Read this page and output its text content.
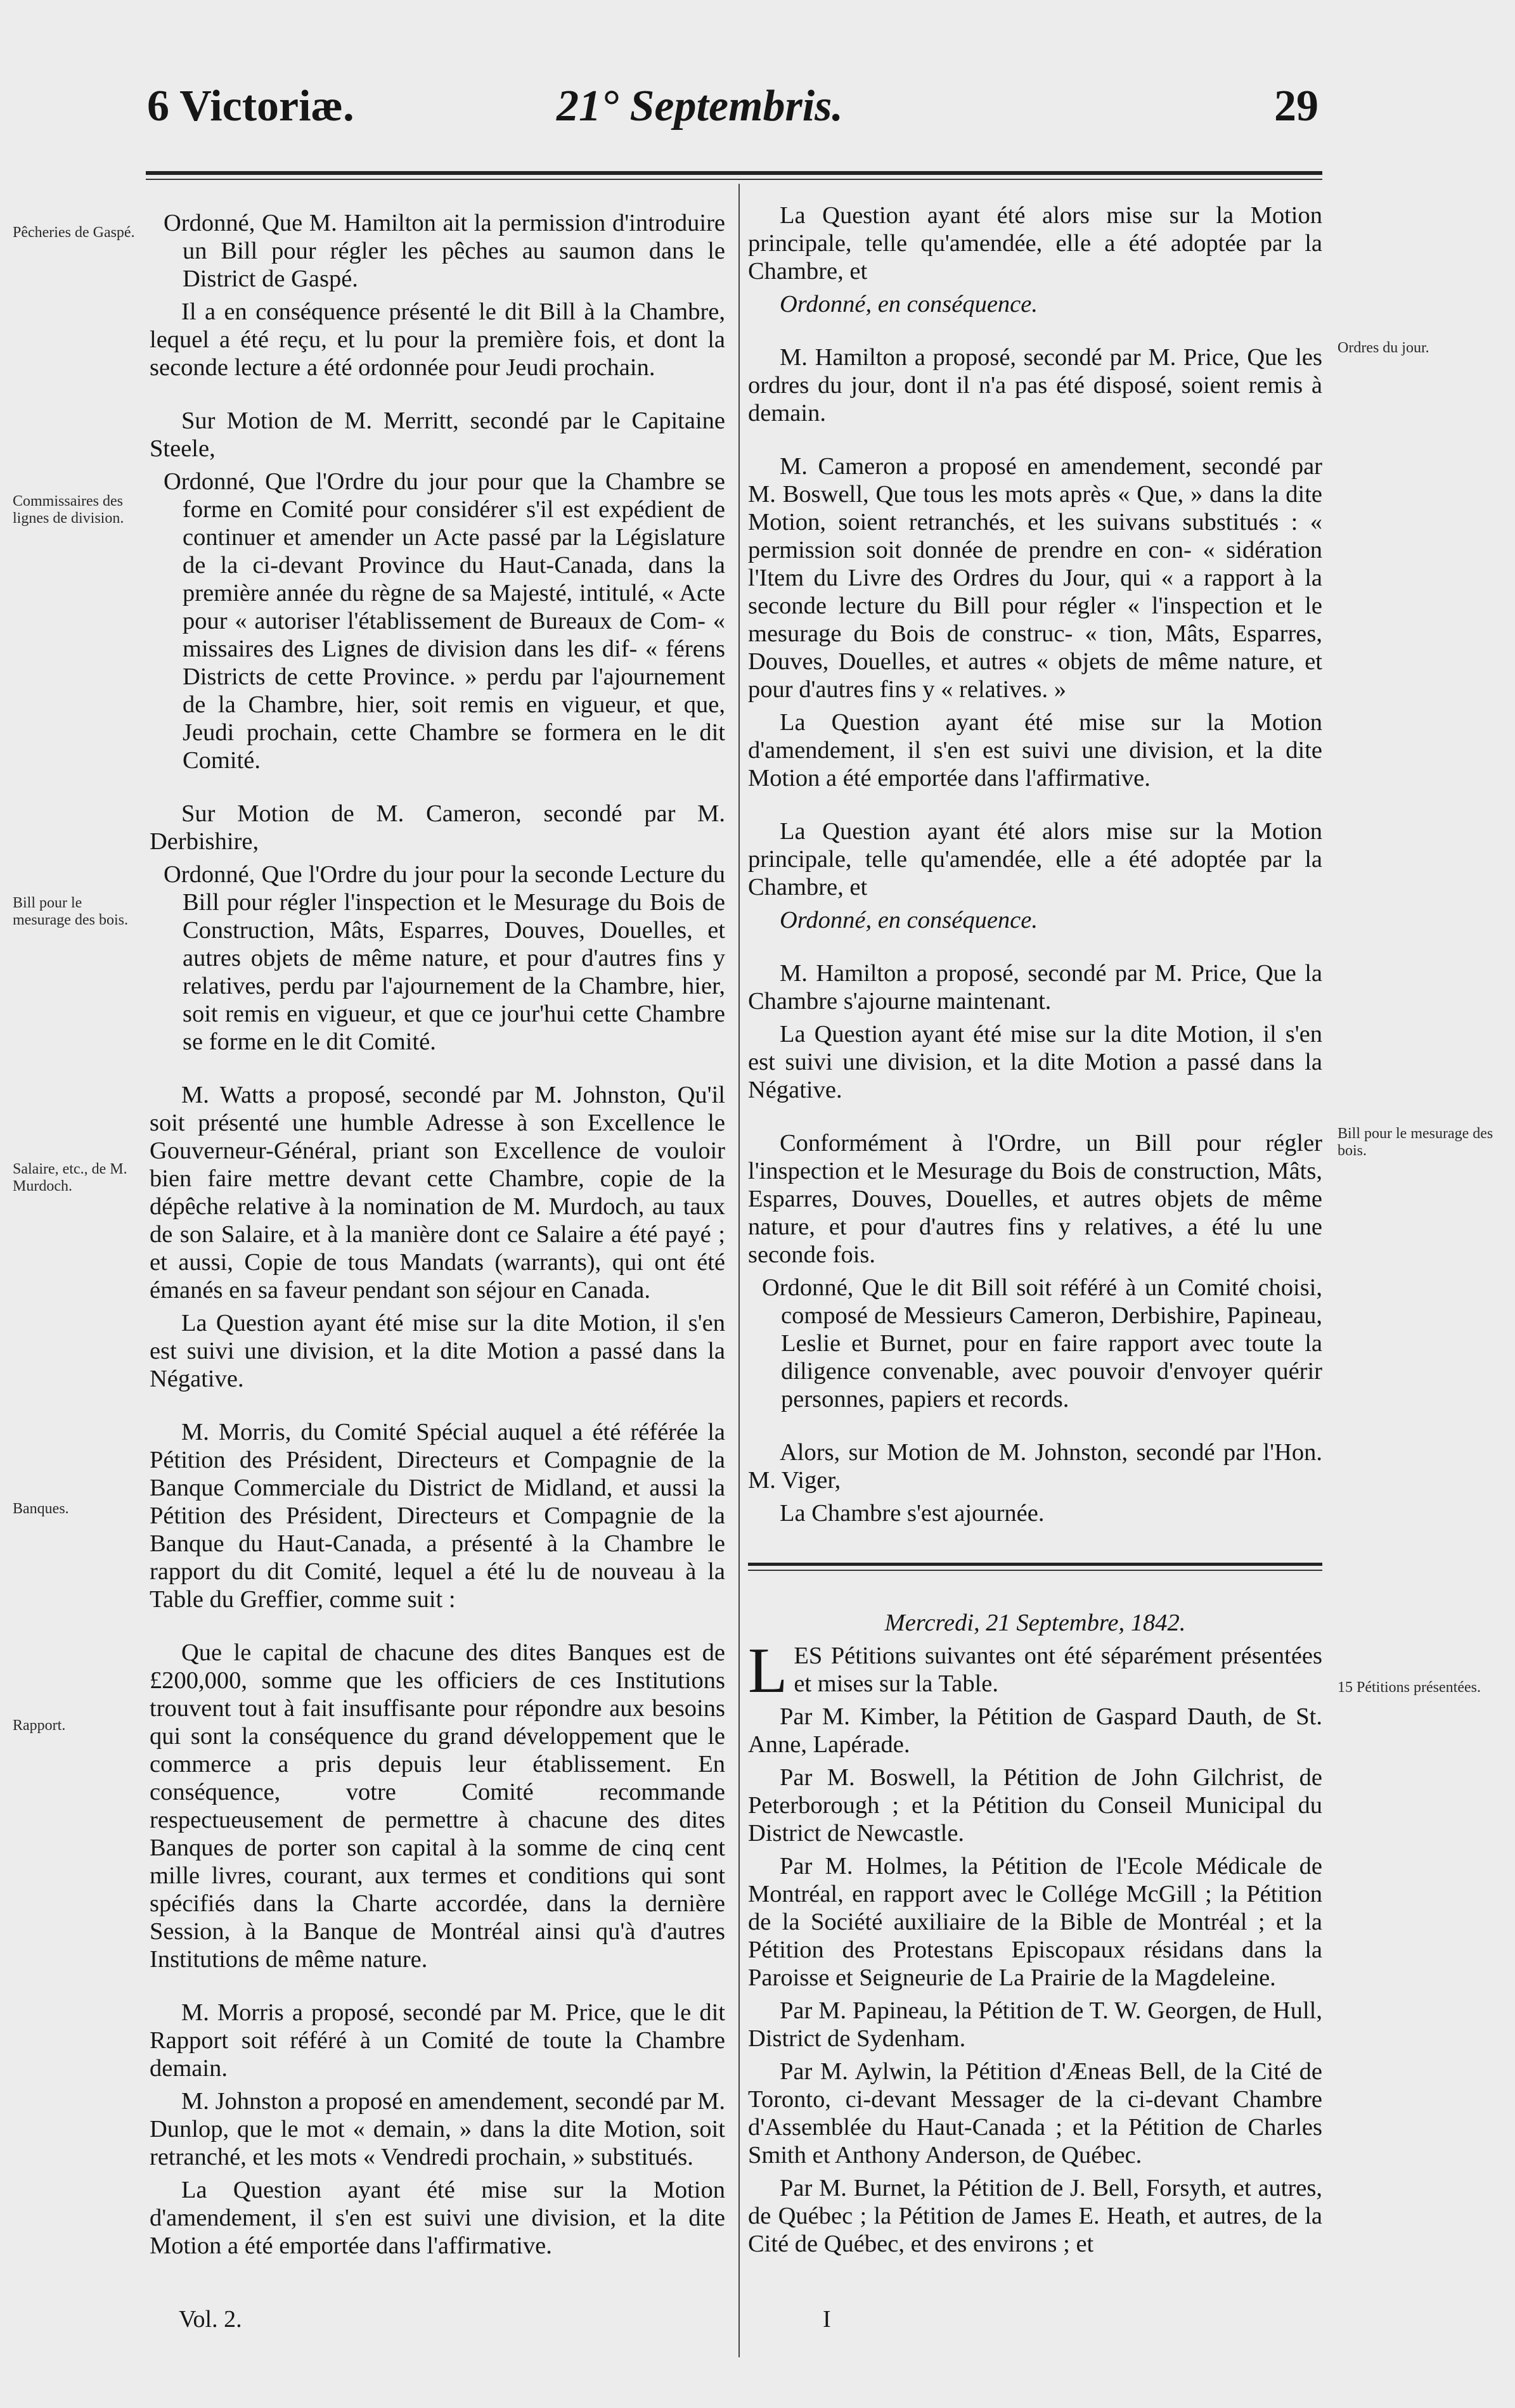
6 Victoriæ.	21° Septembris.	29
Pêcheries de Gaspé.
Commissaires des lignes de division.
Bill pour le mesurage des bois.
Salaire, etc., de M. Murdoch.
Banques.
Rapport.
Ordres du jour.
Bill pour le mesurage des bois.
15 Pétitions présentées.

Ordonné, Que M. Hamilton ait la permission d'introduire un Bill pour régler les pêches au saumon dans le District de Gaspé.

Il a en conséquence présenté le dit Bill à la Chambre, lequel a été reçu, et lu pour la première fois, et dont la seconde lecture a été ordonnée pour Jeudi prochain.

Sur Motion de M. Merritt, secondé par le Capitaine Steele,

Ordonné, Que l'Ordre du jour pour que la Chambre se forme en Comité pour considérer s'il est expédient de continuer et amender un Acte passé par la Législature de la ci-devant Province du Haut-Canada, dans la première année du règne de sa Majesté, intitulé, « Acte pour « autoriser l'établissement de Bureaux de Com- « missaires des Lignes de division dans les dif- « férens Districts de cette Province. » perdu par l'ajournement de la Chambre, hier, soit remis en vigueur, et que, Jeudi prochain, cette Chambre se formera en le dit Comité.

Sur Motion de M. Cameron, secondé par M. Derbishire,

Ordonné, Que l'Ordre du jour pour la seconde Lecture du Bill pour régler l'inspection et le Mesurage du Bois de Construction, Mâts, Esparres, Douves, Douelles, et autres objets de même nature, et pour d'autres fins y relatives, perdu par l'ajournement de la Chambre, hier, soit remis en vigueur, et que ce jour'hui cette Chambre se forme en le dit Comité.

M. Watts a proposé, secondé par M. Johnston, Qu'il soit présenté une humble Adresse à son Excellence le Gouverneur-Général, priant son Excellence de vouloir bien faire mettre devant cette Chambre, copie de la dépêche relative à la nomination de M. Murdoch, au taux de son Salaire, et à la manière dont ce Salaire a été payé ; et aussi, Copie de tous Mandats (warrants), qui ont été émanés en sa faveur pendant son séjour en Canada.

La Question ayant été mise sur la dite Motion, il s'en est suivi une division, et la dite Motion a passé dans la Négative.

M. Morris, du Comité Spécial auquel a été référée la Pétition des Président, Directeurs et Compagnie de la Banque Commerciale du District de Midland, et aussi la Pétition des Président, Directeurs et Compagnie de la Banque du Haut-Canada, a présenté à la Chambre le rapport du dit Comité, lequel a été lu de nouveau à la Table du Greffier, comme suit :

Que le capital de chacune des dites Banques est de £200,000, somme que les officiers de ces Institutions trouvent tout à fait insuffisante pour répondre aux besoins qui sont la conséquence du grand développement que le commerce a pris depuis leur établissement. En conséquence, votre Comité recommande respectueusement de permettre à chacune des dites Banques de porter son capital à la somme de cinq cent mille livres, courant, aux termes et conditions qui sont spécifiés dans la Charte accordée, dans la dernière Session, à la Banque de Montréal ainsi qu'à d'autres Institutions de même nature.

M. Morris a proposé, secondé par M. Price, que le dit Rapport soit référé à un Comité de toute la Chambre demain.

M. Johnston a proposé en amendement, secondé par M. Dunlop, que le mot « demain, » dans la dite Motion, soit retranché, et les mots « Vendredi prochain, » substitués.

La Question ayant été mise sur la Motion d'amendement, il s'en est suivi une division, et la dite Motion a été emportée dans l'affirmative.

La Question ayant été alors mise sur la Motion principale, telle qu'amendée, elle a été adoptée par la Chambre, et

Ordonné, en conséquence.

M. Hamilton a proposé, secondé par M. Price, Que les ordres du jour, dont il n'a pas été disposé, soient remis à demain.

M. Cameron a proposé en amendement, secondé par M. Boswell, Que tous les mots après « Que, » dans la dite Motion, soient retranchés, et les suivans substitués : « permission soit donnée de prendre en con- « sidération l'Item du Livre des Ordres du Jour, qui « a rapport à la seconde lecture du Bill pour régler « l'inspection et le mesurage du Bois de construc- « tion, Mâts, Esparres, Douves, Douelles, et autres « objets de même nature, et pour d'autres fins y « relatives. »

La Question ayant été mise sur la Motion d'amendement, il s'en est suivi une division, et la dite Motion a été emportée dans l'affirmative.

La Question ayant été alors mise sur la Motion principale, telle qu'amendée, elle a été adoptée par la Chambre, et

Ordonné, en conséquence.

M. Hamilton a proposé, secondé par M. Price, Que la Chambre s'ajourne maintenant.

La Question ayant été mise sur la dite Motion, il s'en est suivi une division, et la dite Motion a passé dans la Négative.

Conformément à l'Ordre, un Bill pour régler l'inspection et le Mesurage du Bois de construction, Mâts, Esparres, Douves, Douelles, et autres objets de même nature, et pour d'autres fins y relatives, a été lu une seconde fois.

Ordonné, Que le dit Bill soit référé à un Comité choisi, composé de Messieurs Cameron, Derbishire, Papineau, Leslie et Burnet, pour en faire rapport avec toute la diligence convenable, avec pouvoir d'envoyer quérir personnes, papiers et records.

Alors, sur Motion de M. Johnston, secondé par l'Hon. M. Viger,

La Chambre s'est ajournée.

Mercredi, 21 Septembre, 1842.

LES Pétitions suivantes ont été séparément présentées et mises sur la Table.

Par M. Kimber, la Pétition de Gaspard Dauth, de St. Anne, Lapérade.

Par M. Boswell, la Pétition de John Gilchrist, de Peterborough ; et la Pétition du Conseil Municipal du District de Newcastle.

Par M. Holmes, la Pétition de l'Ecole Médicale de Montréal, en rapport avec le Collége McGill ; la Pétition de la Société auxiliaire de la Bible de Montréal ; et la Pétition des Protestans Episcopaux résidans dans la Paroisse et Seigneurie de La Prairie de la Magdeleine.

Par M. Papineau, la Pétition de T. W. Georgen, de Hull, District de Sydenham.

Par M. Aylwin, la Pétition d'Æneas Bell, de la Cité de Toronto, ci-devant Messager de la ci-devant Chambre d'Assemblée du Haut-Canada ; et la Pétition de Charles Smith et Anthony Anderson, de Québec.

Par M. Burnet, la Pétition de J. Bell, Forsyth, et autres, de Québec ; la Pétition de James E. Heath, et autres, de la Cité de Québec, et des environs ; et

Vol. 2.	I
